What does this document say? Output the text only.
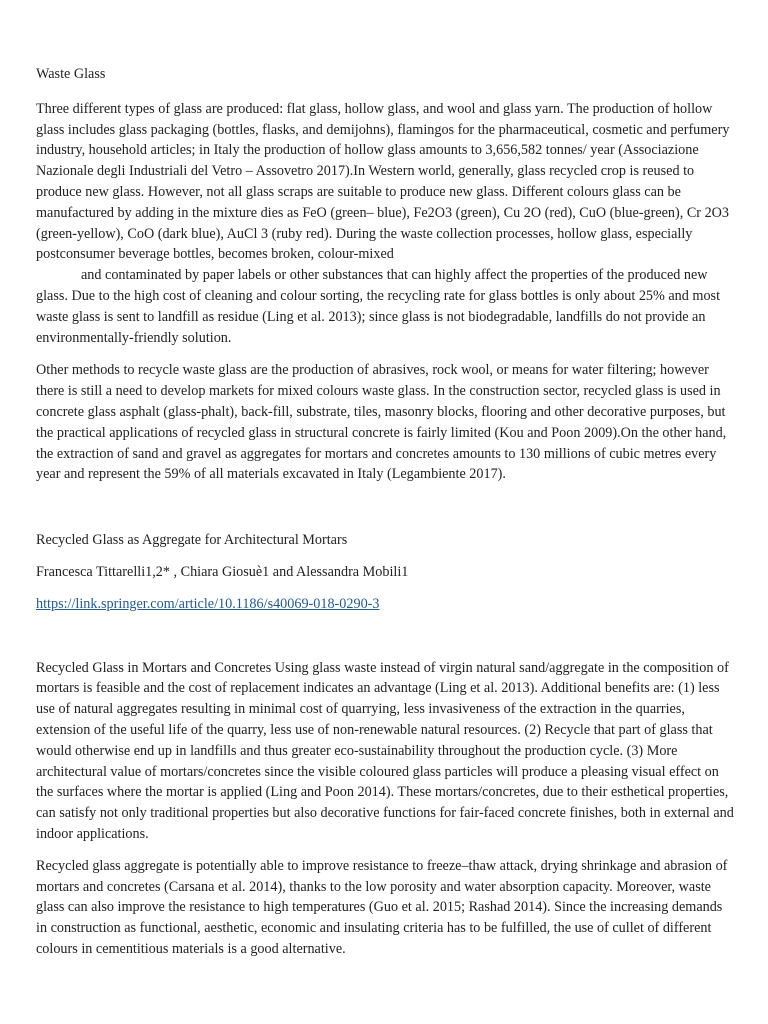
Waste Glass

Three different types of glass are produced: flat glass, hollow glass, and wool and glass yarn. The production of hollow glass includes glass packaging (bottles, flasks, and demijohns), flamingos for the pharmaceutical, cosmetic and perfumery industry, household articles; in Italy the production of hollow glass amounts to 3,656,582 tonnes/ year (Associazione Nazionale degli Industriali del Vetro – Assovetro 2017).In Western world, generally, glass recycled crop is reused to produce new glass. However, not all glass scraps are suitable to produce new glass. Different colours glass can be manufactured by adding in the mixture dies as FeO (green– blue), Fe2O3 (green), Cu 2O (red), CuO (blue-green), Cr 2O3 (green-yellow), CoO (dark blue), AuCl 3 (ruby red). During the waste collection processes, hollow glass, especially postconsumer beverage bottles, becomes broken, colour-mixed
and contaminated by paper labels or other substances that can highly affect the properties of the produced new glass. Due to the high cost of cleaning and colour sorting, the recycling rate for glass bottles is only about 25% and most waste glass is sent to landfill as residue (Ling et al. 2013); since glass is not biodegradable, landfills do not provide an environmentally-friendly solution.

Other methods to recycle waste glass are the production of abrasives, rock wool, or means for water filtering; however there is still a need to develop markets for mixed colours waste glass. In the construction sector, recycled glass is used in concrete glass asphalt (glass-phalt), back-fill, substrate, tiles, masonry blocks, flooring and other decorative purposes, but the practical applications of recycled glass in structural concrete is fairly limited (Kou and Poon 2009).On the other hand, the extraction of sand and gravel as aggregates for mortars and concretes amounts to 130 millions of cubic metres every year and represent the 59% of all materials excavated in Italy (Legambiente 2017).

Recycled Glass as Aggregate for Architectural Mortars

Francesca Tittarelli1,2* , Chiara Giosuè1 and Alessandra Mobili1

https://link.springer.com/article/10.1186/s40069-018-0290-3

Recycled Glass in Mortars and Concretes Using glass waste instead of virgin natural sand/aggregate in the composition of mortars is feasible and the cost of replacement indicates an advantage (Ling et al. 2013). Additional benefits are: (1) less use of natural aggregates resulting in minimal cost of quarrying, less invasiveness of the extraction in the quarries, extension of the useful life of the quarry, less use of non-renewable natural resources. (2) Recycle that part of glass that would otherwise end up in landfills and thus greater eco-sustainability throughout the production cycle. (3) More architectural value of mortars/concretes since the visible coloured glass particles will produce a pleasing visual effect on the surfaces where the mortar is applied (Ling and Poon 2014). These mortars/concretes, due to their esthetical properties, can satisfy not only traditional properties but also decorative functions for fair-faced concrete finishes, both in external and indoor applications.

Recycled glass aggregate is potentially able to improve resistance to freeze–thaw attack, drying shrinkage and abrasion of mortars and concretes (Carsana et al. 2014), thanks to the low porosity and water absorption capacity. Moreover, waste glass can also improve the resistance to high temperatures (Guo et al. 2015; Rashad 2014). Since the increasing demands in construction as functional, aesthetic, economic and insulating criteria has to be fulfilled, the use of cullet of different colours in cementitious materials is a good alternative.
